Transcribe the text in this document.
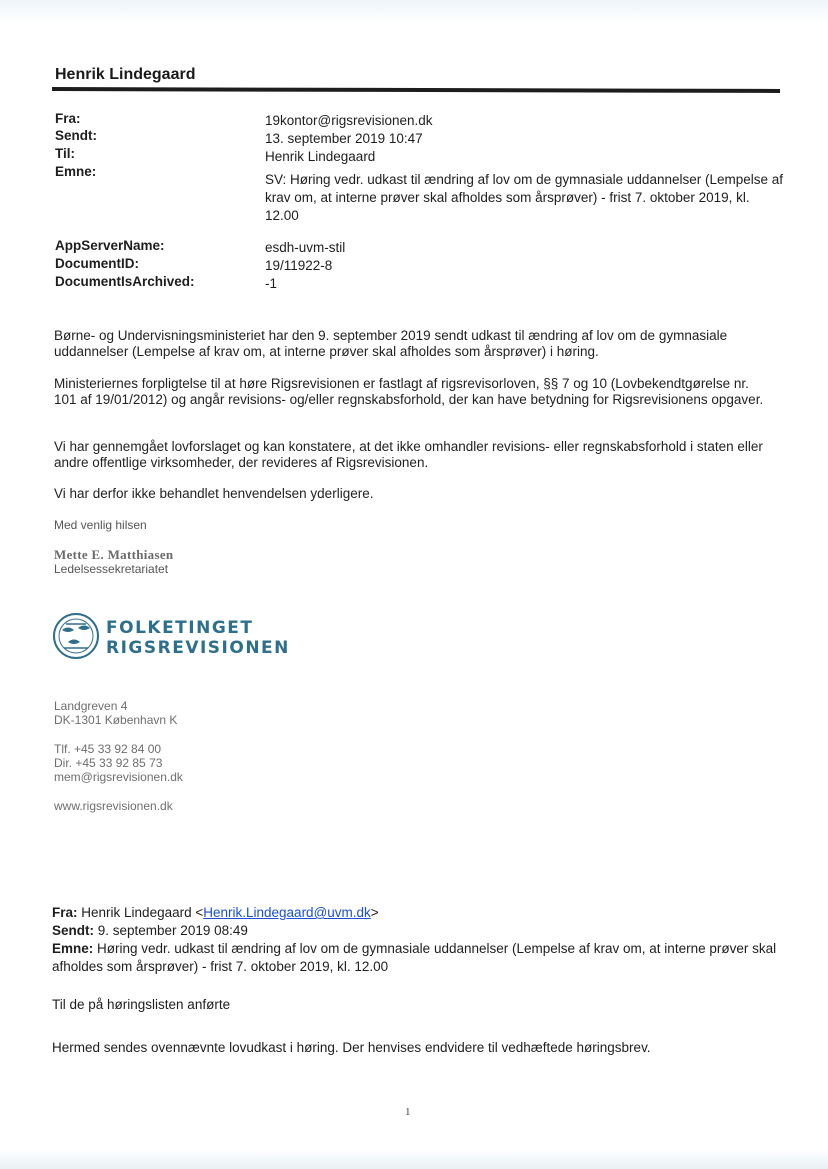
Henrik Lindegaard
Fra:	19kontor@rigsrevisionen.dk
Sendt:	13. september 2019 10:47
Til:	Henrik Lindegaard
Emne:
SV: Høring vedr. udkast til ændring af lov om de gymnasiale uddannelser (Lempelse af krav om, at interne prøver skal afholdes som årsprøver) - frist 7. oktober 2019, kl. 12.00
AppServerName:	esdh-uvm-stil
DocumentID:	19/11922-8
DocumentIsArchived:	-1
Børne- og Undervisningsministeriet har den 9. september 2019 sendt udkast til ændring af lov om de gymnasiale uddannelser (Lempelse af krav om, at interne prøver skal afholdes som årsprøver) i høring.
Ministeriernes forpligtelse til at høre Rigsrevisionen er fastlagt af rigsrevisorloven, §§ 7 og 10 (Lovbekendtgørelse nr. 101 af 19/01/2012) og angår revisions- og/eller regnskabsforhold, der kan have betydning for Rigsrevisionens opgaver.
Vi har gennemgået lovforslaget og kan konstatere, at det ikke omhandler revisions- eller regnskabsforhold i staten eller andre offentlige virksomheder, der revideres af Rigsrevisionen.
Vi har derfor ikke behandlet henvendelsen yderligere.
Med venlig hilsen
Mette E. Matthiasen
Ledelsessekretariatet
FOLKETINGET
RIGSREVISIONEN
Landgreven 4
DK-1301 København K
Tlf. +45 33 92 84 00
Dir. +45 33 92 85 73
mem@rigsrevisionen.dk
www.rigsrevisionen.dk
Fra: Henrik Lindegaard <Henrik.Lindegaard@uvm.dk>
Sendt: 9. september 2019 08:49
Emne: Høring vedr. udkast til ændring af lov om de gymnasiale uddannelser (Lempelse af krav om, at interne prøver skal afholdes som årsprøver) - frist 7. oktober 2019, kl. 12.00
Til de på høringslisten anførte
Hermed sendes ovennævnte lovudkast i høring. Der henvises endvidere til vedhæftede høringsbrev.
1
